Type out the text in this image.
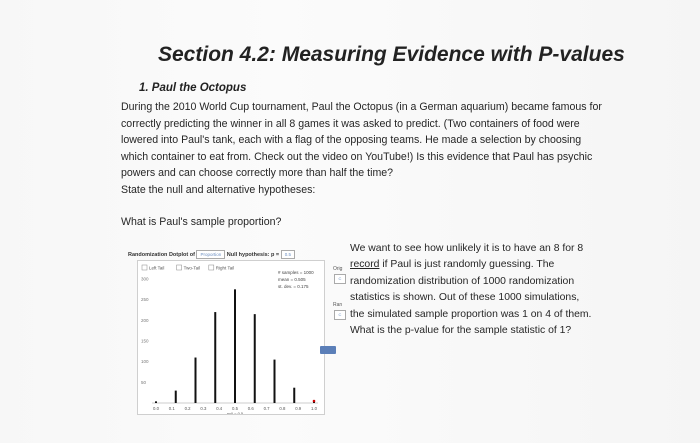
Section 4.2: Measuring Evidence with P-values
1. Paul the Octopus
During the 2010 World Cup tournament, Paul the Octopus (in a German aquarium) became famous for
correctly predicting the winner in all 8 games it was asked to predict. (Two containers of food were
lowered into Paul's tank, each with a flag of the opposing teams. He made a selection by choosing
which container to eat from. Check out the video on YouTube!) Is this evidence that Paul has psychic
powers and can choose correctly more than half the time?
State the null and alternative hypotheses:
What is Paul's sample proportion?
Randomization Dotplot of Proportion Null hypothesis: p = 0.5
Left Tail	Two-Tail	Right Tail
# samples = 1000
mean = 0.505
st. dev. = 0.175
300
250
200
150
100
50
0.0 0.1 0.2 0.3 0.4 0.5 0.6 0.7 0.8 0.9 1.0
null = 0.5
Orig
C
Ran
C
We want to see how unlikely it is to have an 8 for 8
record if Paul is just randomly guessing. The
randomization distribution of 1000 randomization
statistics is shown. Out of these 1000 simulations,
the simulated sample proportion was 1 on 4 of them.
What is the p-value for the sample statistic of 1?
